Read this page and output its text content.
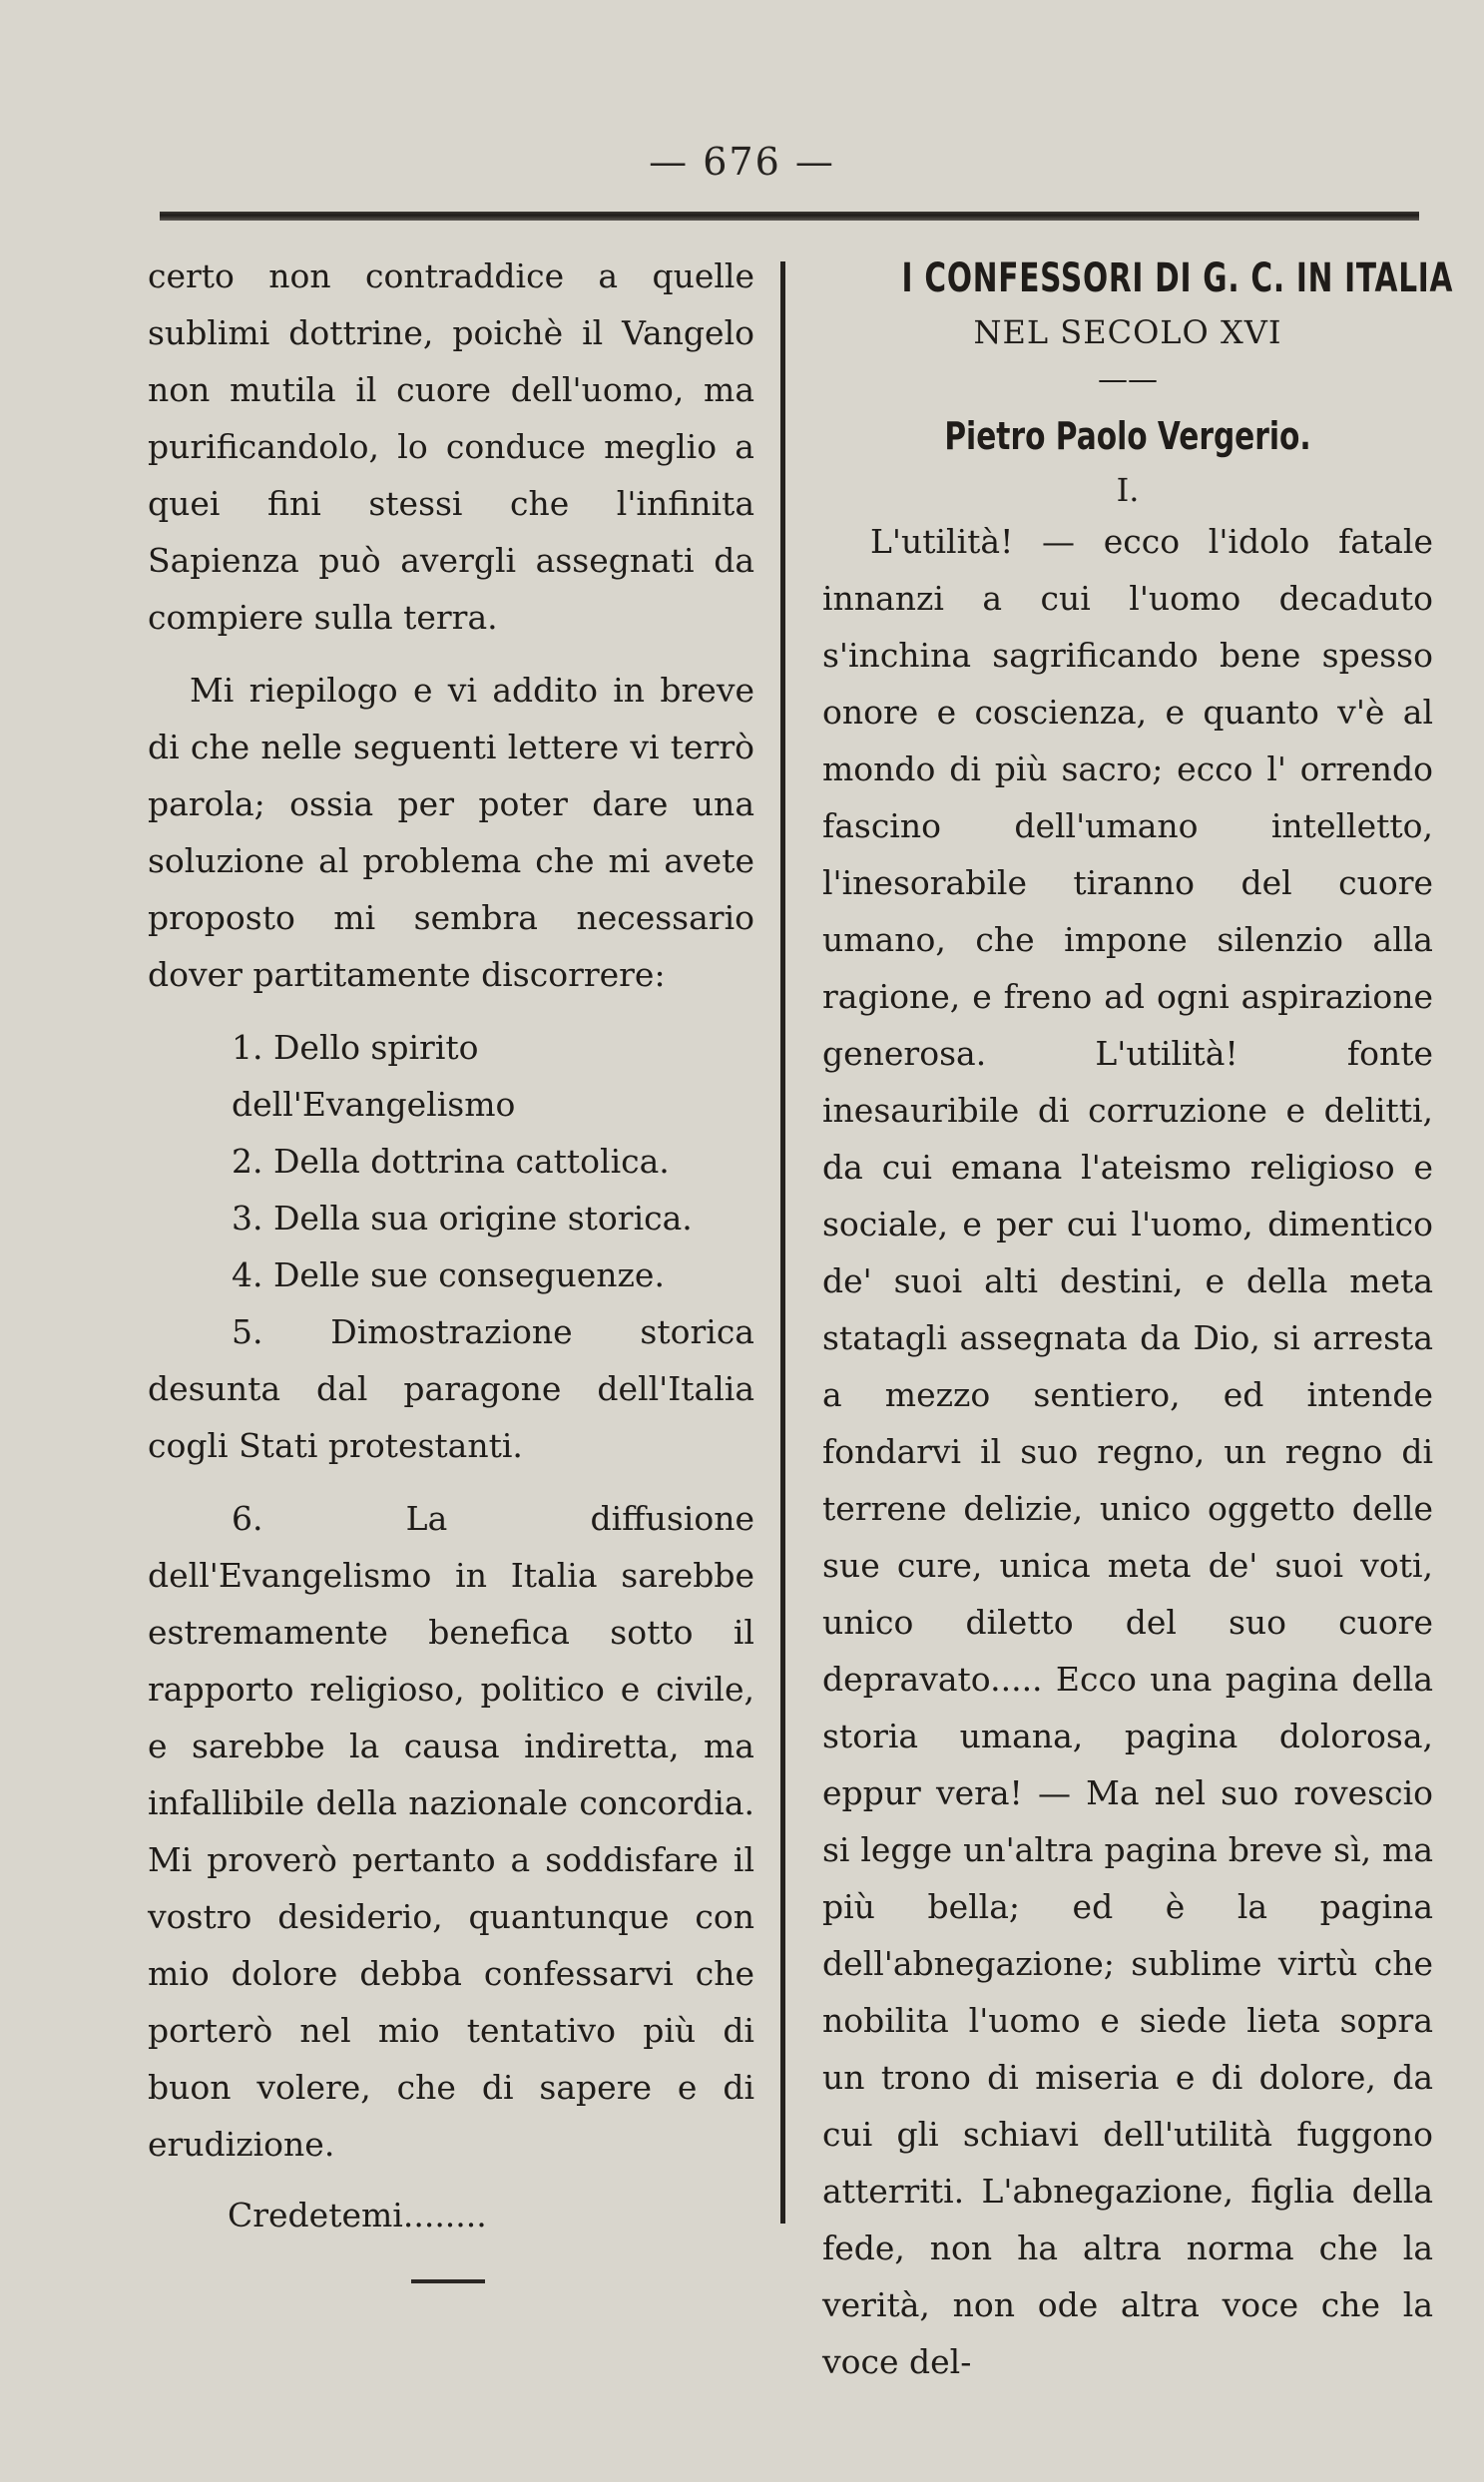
— 676 —

certo non contraddice a quelle sublimi dottrine, poichè il Vangelo non mutila il cuore dell'uomo, ma purificandolo, lo conduce meglio a quei fini stessi che l'infinita Sapienza può avergli assegnati da compiere sulla terra.

Mi riepilogo e vi addito in breve di che nelle seguenti lettere vi terrò parola; ossia per poter dare una soluzione al problema che mi avete proposto mi sembra necessario dover partitamente discorrere:

1. Dello spirito dell'Evangelismo

2. Della dottrina cattolica.

3. Della sua origine storica.

4. Delle sue conseguenze.

5. Dimostrazione storica desunta dal paragone dell'Italia cogli Stati protestanti.

6. La diffusione dell'Evangelismo in Italia sarebbe estremamente benefica sotto il rapporto religioso, politico e civile, e sarebbe la causa indiretta, ma infallibile della nazionale concordia. Mi proverò pertanto a soddisfare il vostro desiderio, quantunque con mio dolore debba confessarvi che porterò nel mio tentativo più di buon volere, che di sapere e di erudizione.

Credetemi........

I CONFESSORI DI G. C. IN ITALIA

NEL SECOLO XVI

——

Pietro Paolo Vergerio.

I.

L'utilità! — ecco l'idolo fatale innanzi a cui l'uomo decaduto s'inchina sagrificando bene spesso onore e coscienza, e quanto v'è al mondo di più sacro; ecco l' orrendo fascino dell'umano intelletto, l'inesorabile tiranno del cuore umano, che impone silenzio alla ragione, e freno ad ogni aspirazione generosa. L'utilità! fonte inesauribile di corruzione e delitti, da cui emana l'ateismo religioso e sociale, e per cui l'uomo, dimentico de' suoi alti destini, e della meta statagli assegnata da Dio, si arresta a mezzo sentiero, ed intende fondarvi il suo regno, un regno di terrene delizie, unico oggetto delle sue cure, unica meta de' suoi voti, unico diletto del suo cuore depravato..... Ecco una pagina della storia umana, pagina dolorosa, eppur vera! — Ma nel suo rovescio si legge un'altra pagina breve sì, ma più bella; ed è la pagina dell'abnegazione; sublime virtù che nobilita l'uomo e siede lieta sopra un trono di miseria e di dolore, da cui gli schiavi dell'utilità fuggono atterriti. L'abnegazione, figlia della fede, non ha altra norma che la verità, non ode altra voce che la voce del-
